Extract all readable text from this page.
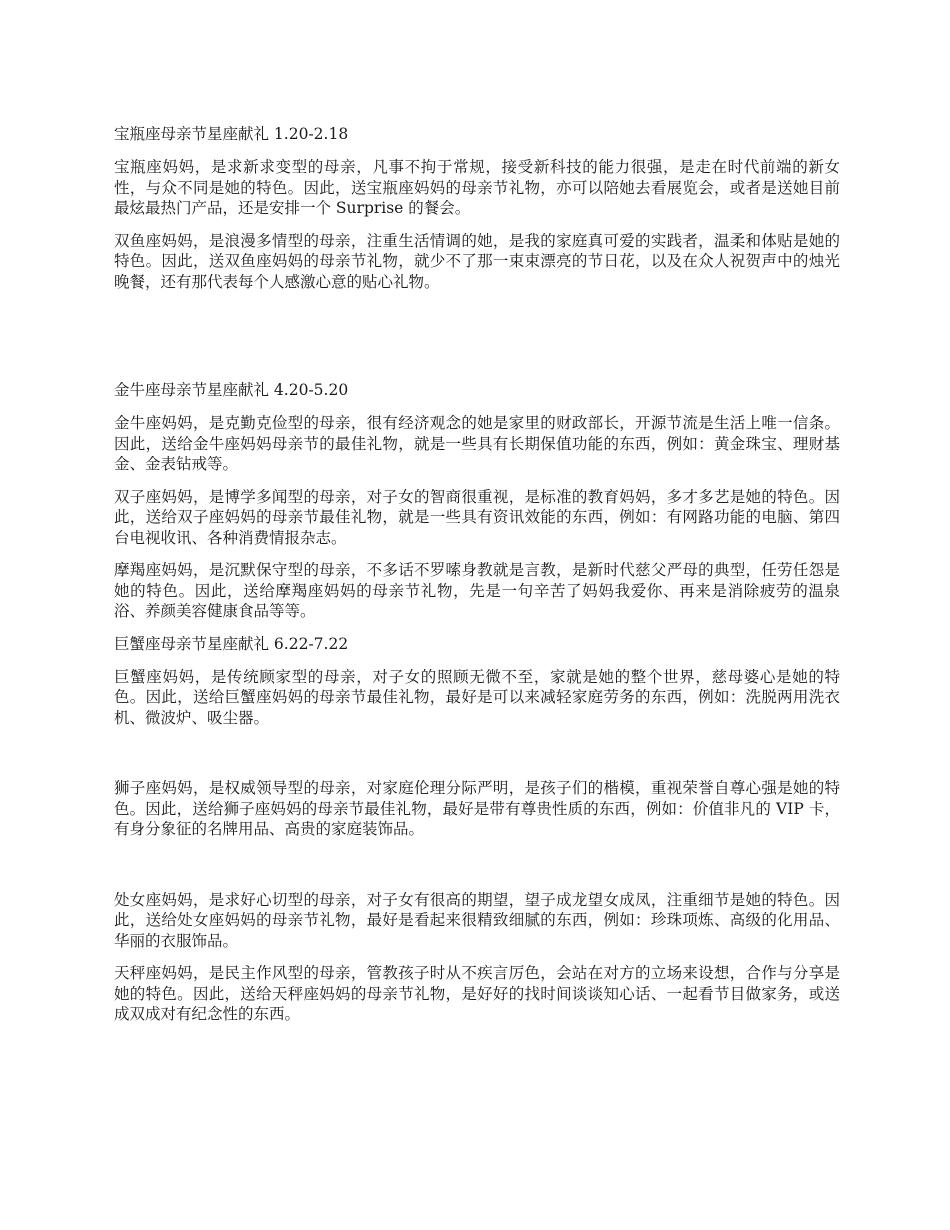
宝瓶座母亲节星座献礼 1.20-2.18

宝瓶座妈妈，是求新求变型的母亲，凡事不拘于常规，接受新科技的能力很强，是走在时代前端的新女性，与众不同是她的特色。因此，送宝瓶座妈妈的母亲节礼物，亦可以陪她去看展览会，或者是送她目前最炫最热门产品，还是安排一个 Surprise 的餐会。

双鱼座妈妈，是浪漫多情型的母亲，注重生活情调的她，是我的家庭真可爱的实践者，温柔和体贴是她的特色。因此，送双鱼座妈妈的母亲节礼物，就少不了那一束束漂亮的节日花，以及在众人祝贺声中的烛光晚餐，还有那代表每个人感激心意的贴心礼物。

金牛座母亲节星座献礼 4.20-5.20

金牛座妈妈，是克勤克俭型的母亲，很有经济观念的她是家里的财政部长，开源节流是生活上唯一信条。因此，送给金牛座妈妈母亲节的最佳礼物，就是一些具有长期保值功能的东西，例如：黄金珠宝、理财基金、金表钻戒等。

双子座妈妈，是博学多闻型的母亲，对子女的智商很重视，是标准的教育妈妈，多才多艺是她的特色。因此，送给双子座妈妈的母亲节最佳礼物，就是一些具有资讯效能的东西，例如：有网路功能的电脑、第四台电视收讯、各种消费情报杂志。

摩羯座妈妈，是沉默保守型的母亲，不多话不罗嗦身教就是言教，是新时代慈父严母的典型，任劳任怨是她的特色。因此，送给摩羯座妈妈的母亲节礼物，先是一句辛苦了妈妈我爱你、再来是消除疲劳的温泉浴、养颜美容健康食品等等。

巨蟹座母亲节星座献礼 6.22-7.22

巨蟹座妈妈，是传统顾家型的母亲，对子女的照顾无微不至，家就是她的整个世界，慈母婆心是她的特色。因此，送给巨蟹座妈妈的母亲节最佳礼物，最好是可以来减轻家庭劳务的东西，例如：洗脱两用洗衣机、微波炉、吸尘器。

狮子座妈妈，是权威领导型的母亲，对家庭伦理分际严明，是孩子们的楷模，重视荣誉自尊心强是她的特色。因此，送给狮子座妈妈的母亲节最佳礼物，最好是带有尊贵性质的东西，例如：价值非凡的 VIP 卡，有身分象征的名牌用品、高贵的家庭装饰品。

处女座妈妈，是求好心切型的母亲，对子女有很高的期望，望子成龙望女成凤，注重细节是她的特色。因此，送给处女座妈妈的母亲节礼物，最好是看起来很精致细腻的东西，例如：珍珠项炼、高级的化用品、华丽的衣服饰品。

天秤座妈妈，是民主作风型的母亲，管教孩子时从不疾言厉色，会站在对方的立场来设想，合作与分享是她的特色。因此，送给天秤座妈妈的母亲节礼物，是好好的找时间谈谈知心话、一起看节目做家务，或送成双成对有纪念性的东西。
